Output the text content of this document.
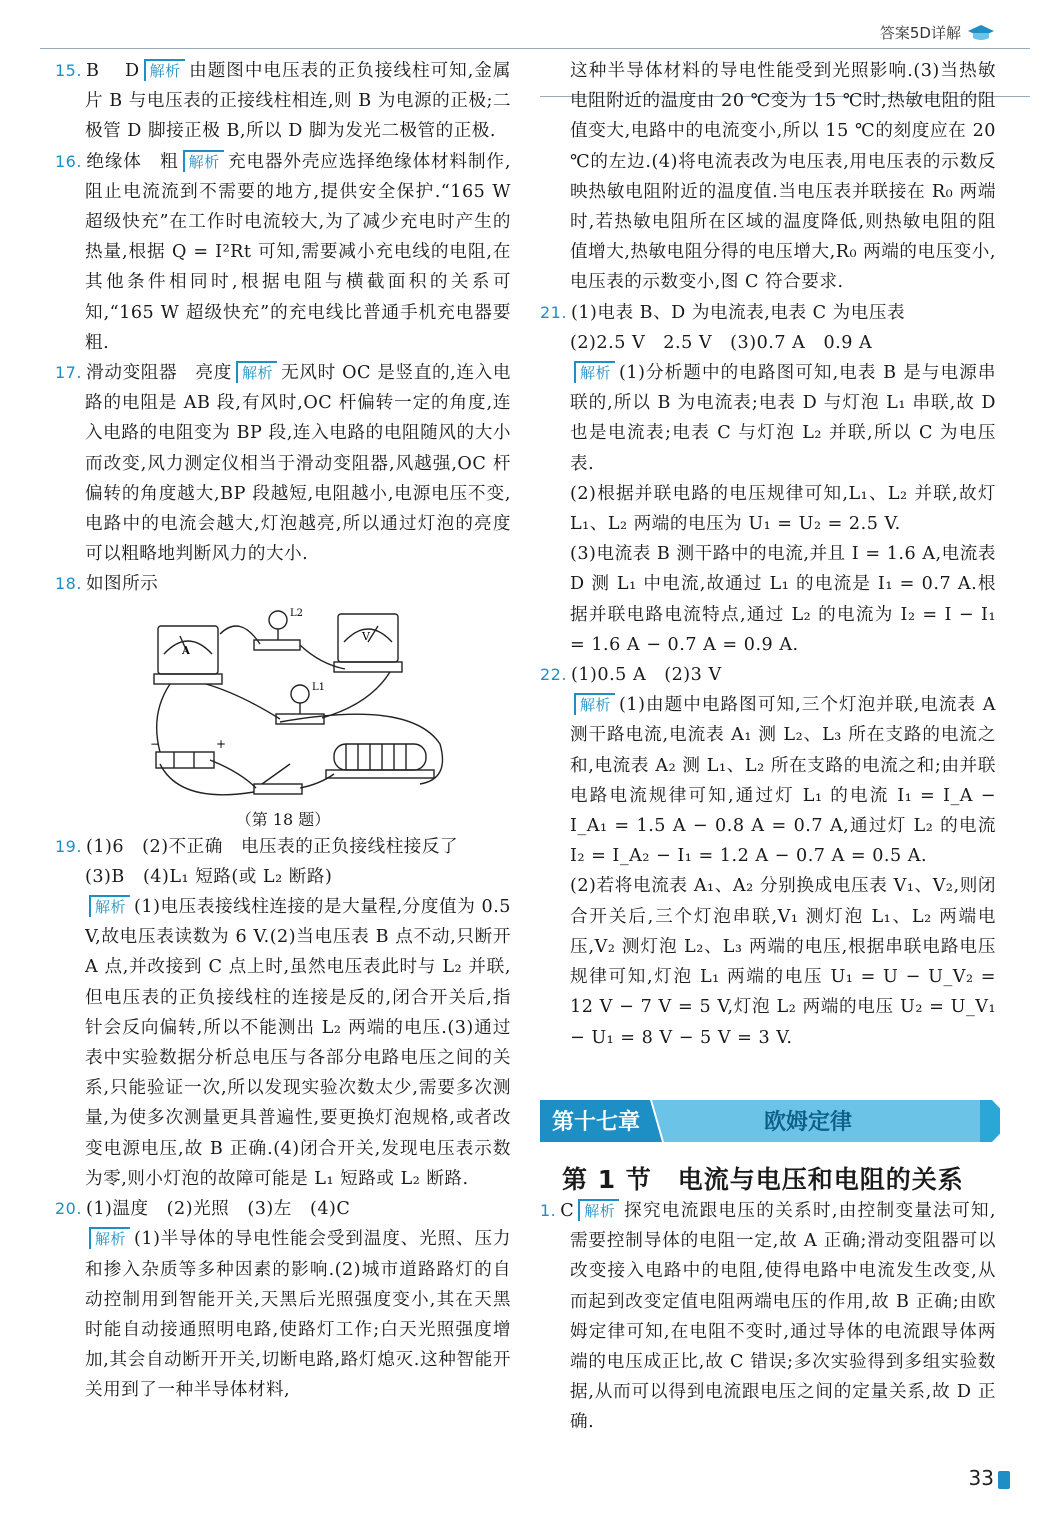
答案5D详解

15. B　 D 解析 由题图中电压表的正负接线柱可知,金属片 B 与电压表的正接线柱相连,则 B 为电源的正极;二极管 D 脚接正极 B,所以 D 脚为发光二极管的正极.

16. 绝缘体　粗 解析 充电器外壳应选择绝缘体材料制作,阻止电流流到不需要的地方,提供安全保护.“165 W 超级快充”在工作时电流较大,为了减少充电时产生的热量,根据 Q = I²Rt 可知,需要减小充电线的电阻,在其他条件相同时,根据电阻与横截面积的关系可知,“165 W 超级快充”的充电线比普通手机充电器要粗.

17. 滑动变阻器　亮度 解析 无风时 OC 是竖直的,连入电路的电阻是 AB 段,有风时,OC 杆偏转一定的角度,连入电路的电阻变为 BP 段,连入电路的电阻随风的大小而改变,风力测定仪相当于滑动变阻器,风越强,OC 杆偏转的角度越大,BP 段越短,电阻越小,电源电压不变,电路中的电流会越大,灯泡越亮,所以通过灯泡的亮度可以粗略地判断风力的大小.

18. 如图所示

A
V
L2
L1
−	+

（第 18 题）

19. (1)6　(2)不正确　电压表的正负接线柱接反了

(3)B　(4)L₁ 短路(或 L₂ 断路)

解析 (1)电压表接线柱连接的是大量程,分度值为 0.5 V,故电压表读数为 6 V.(2)当电压表 B 点不动,只断开 A 点,并改接到 C 点上时,虽然电压表此时与 L₂ 并联,但电压表的正负接线柱的连接是反的,闭合开关后,指针会反向偏转,所以不能测出 L₂ 两端的电压.(3)通过表中实验数据分析总电压与各部分电路电压之间的关系,只能验证一次,所以发现实验次数太少,需要多次测量,为使多次测量更具普遍性,要更换灯泡规格,或者改变电源电压,故 B 正确.(4)闭合开关,发现电压表示数为零,则小灯泡的故障可能是 L₁ 短路或 L₂ 断路.

20. (1)温度　(2)光照　(3)左　(4)C

解析 (1)半导体的导电性能会受到温度、光照、压力和掺入杂质等多种因素的影响.(2)城市道路路灯的自动控制用到智能开关,天黑后光照强度变小,其在天黑时能自动接通照明电路,使路灯工作;白天光照强度增加,其会自动断开开关,切断电路,路灯熄灭.这种智能开关用到了一种半导体材料,

这种半导体材料的导电性能受到光照影响.(3)当热敏电阻附近的温度由 20 ℃变为 15 ℃时,热敏电阻的阻值变大,电路中的电流变小,所以 15 ℃的刻度应在 20 ℃的左边.(4)将电流表改为电压表,用电压表的示数反映热敏电阻附近的温度值.当电压表并联接在 R₀ 两端时,若热敏电阻所在区域的温度降低,则热敏电阻的阻值增大,热敏电阻分得的电压增大,R₀ 两端的电压变小,电压表的示数变小,图 C 符合要求.

21. (1)电表 B、D 为电流表,电表 C 为电压表

(2)2.5 V　2.5 V　(3)0.7 A　0.9 A

解析 (1)分析题中的电路图可知,电表 B 是与电源串联的,所以 B 为电流表;电表 D 与灯泡 L₁ 串联,故 D 也是电流表;电表 C 与灯泡 L₂ 并联,所以 C 为电压表.

(2)根据并联电路的电压规律可知,L₁、L₂ 并联,故灯 L₁、L₂ 两端的电压为 U₁ = U₂ = 2.5 V.

(3)电流表 B 测干路中的电流,并且 I = 1.6 A,电流表 D 测 L₁ 中电流,故通过 L₁ 的电流是 I₁ = 0.7 A.根据并联电路电流特点,通过 L₂ 的电流为 I₂ = I − I₁ = 1.6 A − 0.7 A = 0.9 A.

22. (1)0.5 A　(2)3 V

解析 (1)由题中电路图可知,三个灯泡并联,电流表 A 测干路电流,电流表 A₁ 测 L₂、L₃ 所在支路的电流之和,电流表 A₂ 测 L₁、L₂ 所在支路的电流之和;由并联电路电流规律可知,通过灯 L₁ 的电流 I₁ = I_A − I_A₁ = 1.5 A − 0.8 A = 0.7 A,通过灯 L₂ 的电流 I₂ = I_A₂ − I₁ = 1.2 A − 0.7 A = 0.5 A.

(2)若将电流表 A₁、A₂ 分别换成电压表 V₁、V₂,则闭合开关后,三个灯泡串联,V₁ 测灯泡 L₁、L₂ 两端电压,V₂ 测灯泡 L₂、L₃ 两端的电压,根据串联电路电压规律可知,灯泡 L₁ 两端的电压 U₁ = U − U_V₂ = 12 V − 7 V = 5 V,灯泡 L₂ 两端的电压 U₂ = U_V₁ − U₁ = 8 V − 5 V = 3 V.

第十七章	欧姆定律
第 1 节　电流与电压和电阻的关系

1. C 解析 探究电流跟电压的关系时,由控制变量法可知,需要控制导体的电阻一定,故 A 正确;滑动变阻器可以改变接入电路中的电阻,使得电路中电流发生改变,从而起到改变定值电阻两端电压的作用,故 B 正确;由欧姆定律可知,在电阻不变时,通过导体的电流跟导体两端的电压成正比,故 C 错误;多次实验得到多组实验数据,从而可以得到电流跟电压之间的定量关系,故 D 正确.

33
